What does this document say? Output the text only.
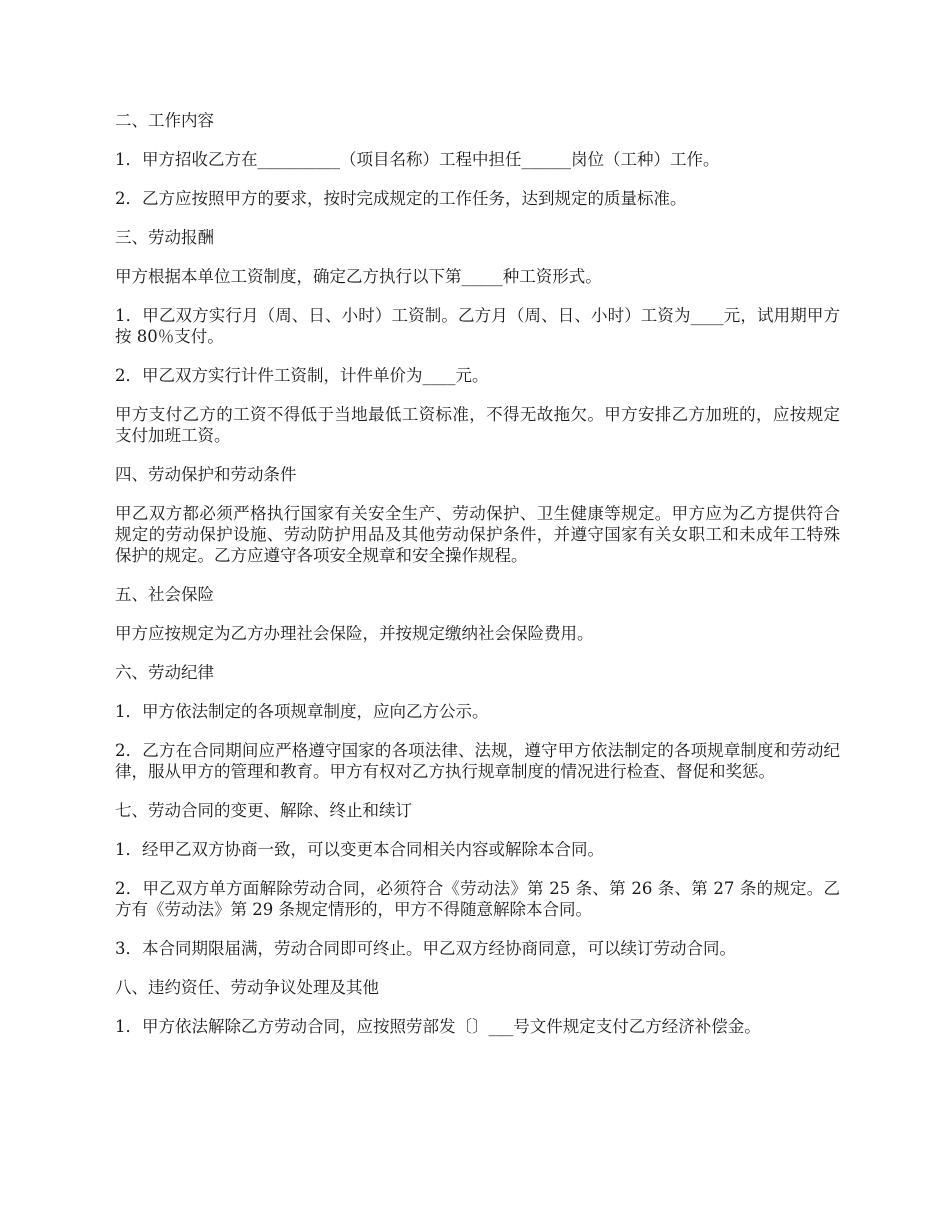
二、工作内容

1．甲方招收乙方在__________（项目名称）工程中担任______岗位（工种）工作。

2．乙方应按照甲方的要求，按时完成规定的工作任务，达到规定的质量标准。

三、劳动报酬

甲方根据本单位工资制度，确定乙方执行以下第_____种工资形式。

1．甲乙双方实行月（周、日、小时）工资制。乙方月（周、日、小时）工资为____元，试用期甲方按 80％支付。

2．甲乙双方实行计件工资制，计件单价为____元。

甲方支付乙方的工资不得低于当地最低工资标准，不得无故拖欠。甲方安排乙方加班的，应按规定支付加班工资。

四、劳动保护和劳动条件

甲乙双方都必须严格执行国家有关安全生产、劳动保护、卫生健康等规定。甲方应为乙方提供符合规定的劳动保护设施、劳动防护用品及其他劳动保护条件，并遵守国家有关女职工和未成年工特殊保护的规定。乙方应遵守各项安全规章和安全操作规程。

五、社会保险

甲方应按规定为乙方办理社会保险，并按规定缴纳社会保险费用。

六、劳动纪律

1．甲方依法制定的各项规章制度，应向乙方公示。

2．乙方在合同期间应严格遵守国家的各项法律、法规，遵守甲方依法制定的各项规章制度和劳动纪律，服从甲方的管理和教育。甲方有权对乙方执行规章制度的情况进行检查、督促和奖惩。

七、劳动合同的变更、解除、终止和续订

1．经甲乙双方协商一致，可以变更本合同相关内容或解除本合同。

2．甲乙双方单方面解除劳动合同，必须符合《劳动法》第 25 条、第 26 条、第 27 条的规定。乙方有《劳动法》第 29 条规定情形的，甲方不得随意解除本合同。

3．本合同期限届满，劳动合同即可终止。甲乙双方经协商同意，可以续订劳动合同。

八、违约资任、劳动争议处理及其他

1．甲方依法解除乙方劳动合同，应按照劳部发〔〕___号文件规定支付乙方经济补偿金。
